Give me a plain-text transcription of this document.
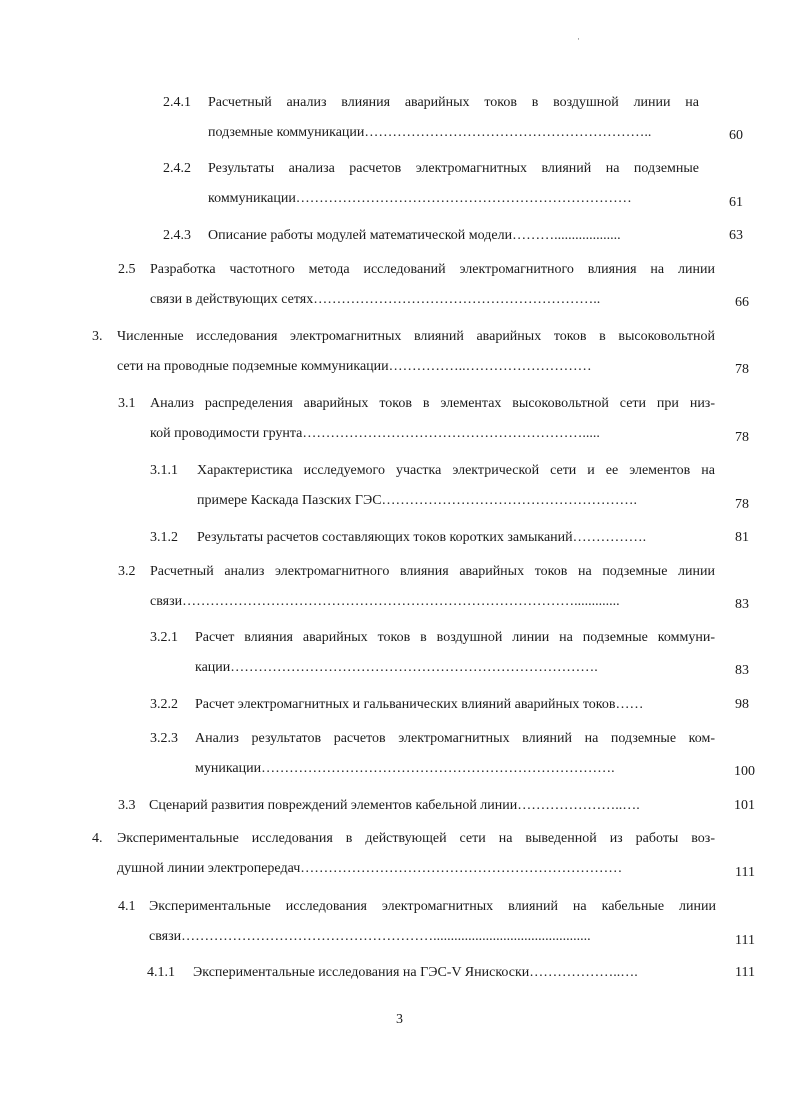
·
2.4.1 Расчетный анализ влияния аварийных токов в воздушной линии на
подземные коммуникации……………………………………………………..	60
2.4.2 Результаты анализа расчетов электромагнитных влияний на подземные
коммуникации………………………………………………………………	61
2.4.3 Описание работы модулей математической модели………...................	63
2.5 Разработка частотного метода исследований электромагнитного влияния на линии
связи в действующих сетях……………………………………………………..	66
3. Численные исследования электромагнитных влияний аварийных токов в высоковольтной
сети на проводные подземные коммуникации……………..………………………	78
3.1 Анализ распределения аварийных токов в элементах высоковольтной сети при низ-
кой проводимости грунта…………………………………………………….....	78
3.1.1 Характеристика исследуемого участка электрической сети и ее элементов на
примере Каскада Пазских ГЭС……………………………………………….	78
3.1.2 Результаты расчетов составляющих токов коротких замыканий…………….	81
3.2 Расчетный анализ электромагнитного влияния аварийных токов на подземные линии
связи………………………………………………………………………….............	83
3.2.1 Расчет влияния аварийных токов в воздушной линии на подземные коммуни-
кации…………………………………………………………………….	83
3.2.2 Расчет электромагнитных и гальванических влияний аварийных токов……	98
3.2.3 Анализ результатов расчетов электромагнитных влияний на подземные ком-
муникации………………………………………………………………….	100
3.3 Сценарий развития повреждений элементов кабельной линии…………………..….	101
4. Экспериментальные исследования в действующей сети на выведенной из работы воз-
душной линии электропередач……………………………………………………………	111
4.1 Экспериментальные исследования электромагнитных влияний на кабельные линии
связи……………………………………………….............................................	111
4.1.1 Экспериментальные исследования на ГЭС-V Янискоски………………..….	111
3
